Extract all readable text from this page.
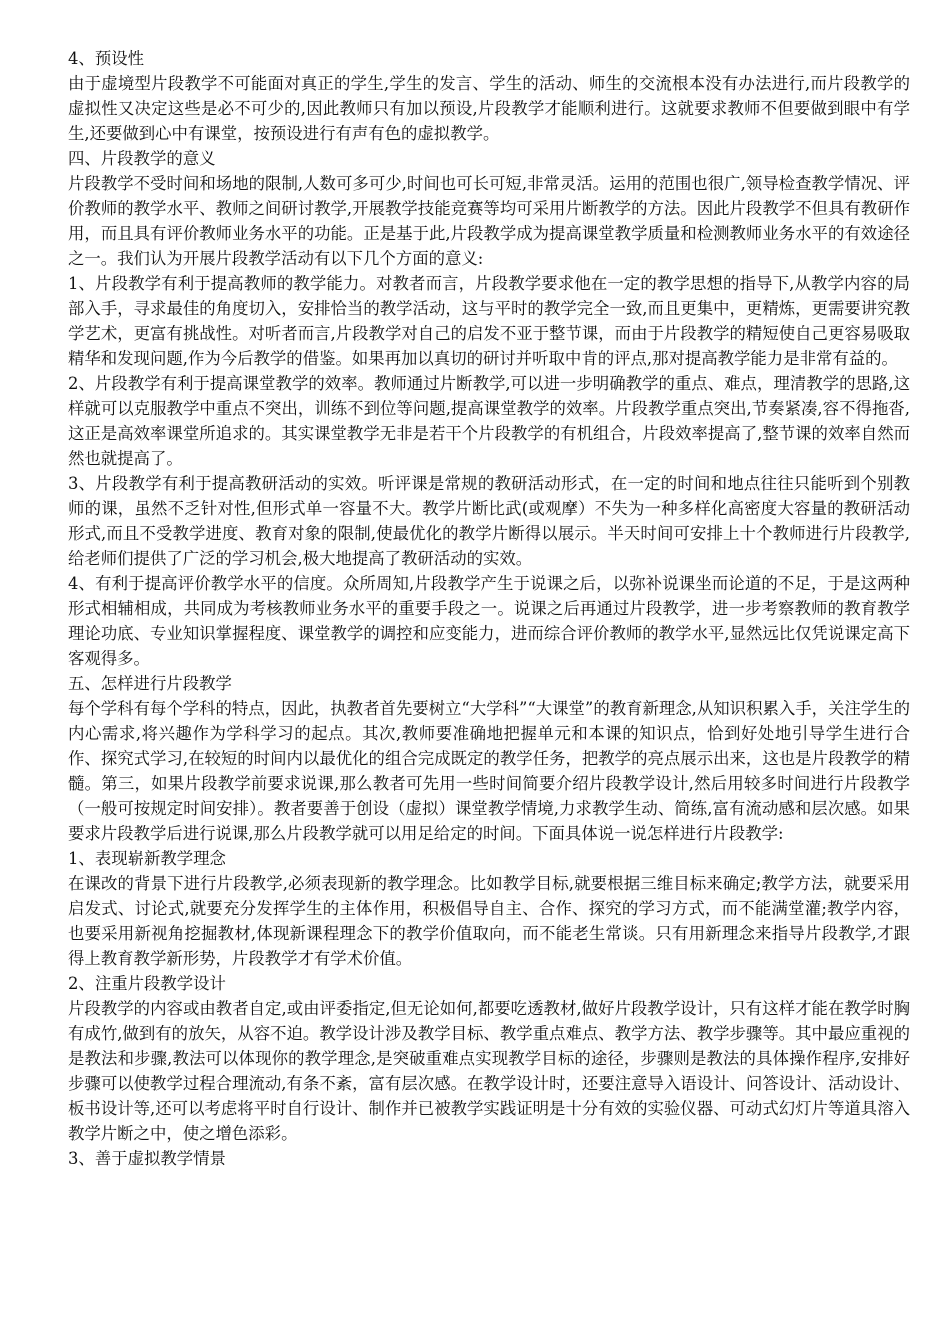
4、预设性

由于虚境型片段教学不可能面对真正的学生,学生的发言、学生的活动、师生的交流根本没有办法进行,而片段教学的虚拟性又决定这些是必不可少的,因此教师只有加以预设,片段教学才能顺利进行。这就要求教师不但要做到眼中有学生,还要做到心中有课堂，按预设进行有声有色的虚拟教学。

四、片段教学的意义

片段教学不受时间和场地的限制,人数可多可少,时间也可长可短,非常灵活。运用的范围也很广,领导检查教学情况、评价教师的教学水平、教师之间研讨教学,开展教学技能竞赛等均可采用片断教学的方法。因此片段教学不但具有教研作用，而且具有评价教师业务水平的功能。正是基于此,片段教学成为提高课堂教学质量和检测教师业务水平的有效途径之一。我们认为开展片段教学活动有以下几个方面的意义:

1、片段教学有利于提高教师的教学能力。对教者而言，片段教学要求他在一定的教学思想的指导下,从教学内容的局部入手，寻求最佳的角度切入，安排恰当的教学活动，这与平时的教学完全一致,而且更集中，更精炼，更需要讲究教学艺术，更富有挑战性。对听者而言,片段教学对自己的启发不亚于整节课，而由于片段教学的精短使自己更容易吸取精华和发现问题,作为今后教学的借鉴。如果再加以真切的研讨并听取中肯的评点,那对提高教学能力是非常有益的。

2、片段教学有利于提高课堂教学的效率。教师通过片断教学,可以进一步明确教学的重点、难点，理清教学的思路,这样就可以克服教学中重点不突出，训练不到位等问题,提高课堂教学的效率。片段教学重点突出,节奏紧凑,容不得拖沓,这正是高效率课堂所追求的。其实课堂教学无非是若干个片段教学的有机组合，片段效率提高了,整节课的效率自然而然也就提高了。

3、片段教学有利于提高教研活动的实效。听评课是常规的教研活动形式，在一定的时间和地点往往只能听到个别教师的课，虽然不乏针对性,但形式单一容量不大。教学片断比武(或观摩）不失为一种多样化高密度大容量的教研活动形式,而且不受教学进度、教育对象的限制,使最优化的教学片断得以展示。半天时间可安排上十个教师进行片段教学,给老师们提供了广泛的学习机会,极大地提高了教研活动的实效。

4、有利于提高评价教学水平的信度。众所周知,片段教学产生于说课之后，以弥补说课坐而论道的不足，于是这两种形式相辅相成，共同成为考核教师业务水平的重要手段之一。说课之后再通过片段教学，进一步考察教师的教育教学理论功底、专业知识掌握程度、课堂教学的调控和应变能力，进而综合评价教师的教学水平,显然远比仅凭说课定高下客观得多。

五、怎样进行片段教学

每个学科有每个学科的特点，因此，执教者首先要树立“大学科”“大课堂”的教育新理念,从知识积累入手，关注学生的内心需求,将兴趣作为学科学习的起点。其次,教师要准确地把握单元和本课的知识点，恰到好处地引导学生进行合作、探究式学习,在较短的时间内以最优化的组合完成既定的教学任务，把教学的亮点展示出来，这也是片段教学的精髓。第三，如果片段教学前要求说课,那么教者可先用一些时间简要介绍片段教学设计,然后用较多时间进行片段教学（一般可按规定时间安排）。教者要善于创设（虚拟）课堂教学情境,力求教学生动、简练,富有流动感和层次感。如果要求片段教学后进行说课,那么片段教学就可以用足给定的时间。下面具体说一说怎样进行片段教学:

1、表现崭新教学理念

在课改的背景下进行片段教学,必须表现新的教学理念。比如教学目标,就要根据三维目标来确定;教学方法，就要采用启发式、讨论式,就要充分发挥学生的主体作用，积极倡导自主、合作、探究的学习方式，而不能满堂灌;教学内容，也要采用新视角挖掘教材,体现新课程理念下的教学价值取向，而不能老生常谈。只有用新理念来指导片段教学,才跟得上教育教学新形势，片段教学才有学术价值。

2、注重片段教学设计

片段教学的内容或由教者自定,或由评委指定,但无论如何,都要吃透教材,做好片段教学设计，只有这样才能在教学时胸有成竹,做到有的放矢，从容不迫。教学设计涉及教学目标、教学重点难点、教学方法、教学步骤等。其中最应重视的是教法和步骤,教法可以体现你的教学理念,是突破重难点实现教学目标的途径，步骤则是教法的具体操作程序,安排好步骤可以使教学过程合理流动,有条不紊，富有层次感。在教学设计时，还要注意导入语设计、问答设计、活动设计、板书设计等,还可以考虑将平时自行设计、制作并已被教学实践证明是十分有效的实验仪器、可动式幻灯片等道具溶入教学片断之中，使之增色添彩。

3、善于虚拟教学情景
